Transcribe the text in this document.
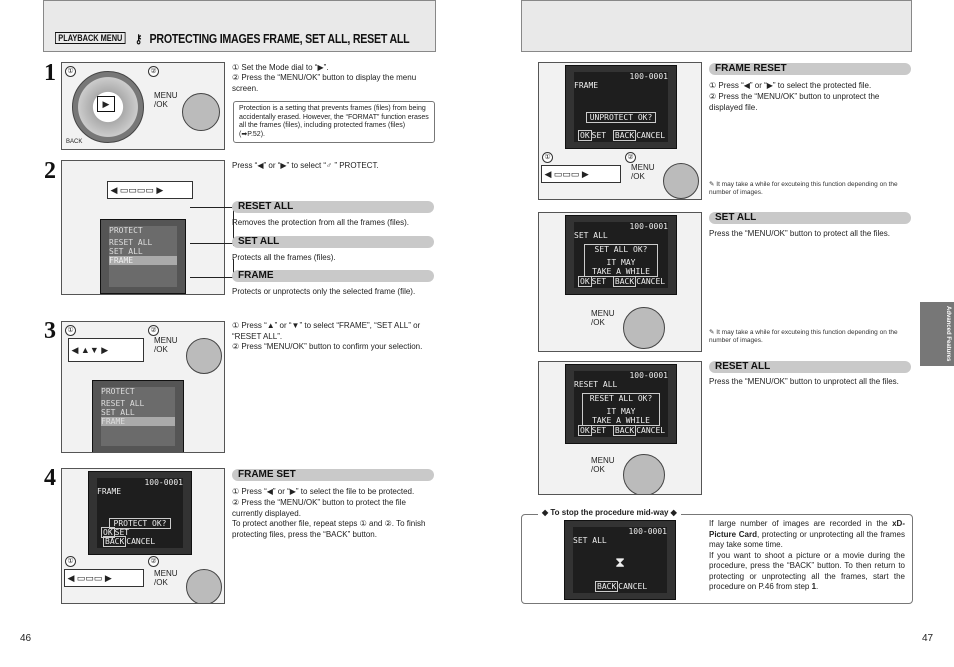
PLAYBACK MENU ⚷ PROTECTING IMAGES FRAME, SET ALL, RESET ALL
1
▶
①	②
MENU
/OK
BACK
① Set the Mode dial to “▶”.
② Press the “MENU/OK” button to display the menu screen.
Protection is a setting that prevents frames (files) from being accidentally erased. However, the “FORMAT” function erases all the frames (files), including protected frames (files) (➡P.52).
2
◀ ▭▭▭▭ ▶
PROTECT
RESET ALL
SET ALL
FRAME
Press “◀” or “▶” to select “♂ ” PROTECT.
RESET ALL
Removes the protection from all the frames (files).
SET ALL
Protects all the frames (files).
FRAME
Protects or unprotects only the selected frame (file).
3	①	②
◀ ▲▼ ▶
MENU
/OK
PROTECT
RESET ALL
SET ALL
FRAME
① Press “▲” or “▼” to select “FRAME”, “SET ALL” or “RESET ALL”.
② Press “MENU/OK” button to confirm your selection.
4	100-0001
FRAME
PROTECT OK?
OK SET BACK CANCEL
①	②
◀ ▭▭▭ ▶	MENU
/OK
FRAME SET
① Press “◀” or “▶” to select the file to be protected.
② Press the “MENU/OK” button to protect the file currently displayed.
To protect another file, repeat steps ① and ②. To finish protecting files, press the “BACK” button.
46
100-0001
FRAME
UNPROTECT OK?
OK SET BACK CANCEL
①	②
◀ ▭▭▭ ▶
MENU
/OK
FRAME RESET
① Press “◀” or “▶” to select the protected file.
② Press the “MENU/OK” button to unprotect the displayed file.
✎ It may take a while for excuteing this function depending on the number of images.
100-0001
SET ALL
SET ALL OK?
IT MAY
TAKE A WHILE
OK SET BACK CANCEL
MENU
/OK
SET ALL
Press the “MENU/OK” button to protect all the files.
✎ It may take a while for excuteing this function depending on the number of images.
100-0001
RESET ALL
RESET ALL OK?
IT MAY
TAKE A WHILE
OK SET BACK CANCEL
MENU
/OK
RESET ALL
Press the “MENU/OK” button to unprotect all the files.
Advanced Features
◆ To stop the procedure mid-way ◆
100-0001
SET ALL
⧗
BACK CANCEL
If large number of images are recorded in the xD-Picture Card, protecting or unprotecting all the frames may take some time.
If you want to shoot a picture or a movie during the procedure, press the “BACK” button. To then return to protecting or unprotecting all the frames, start the procedure on P.46 from step 1.
47
